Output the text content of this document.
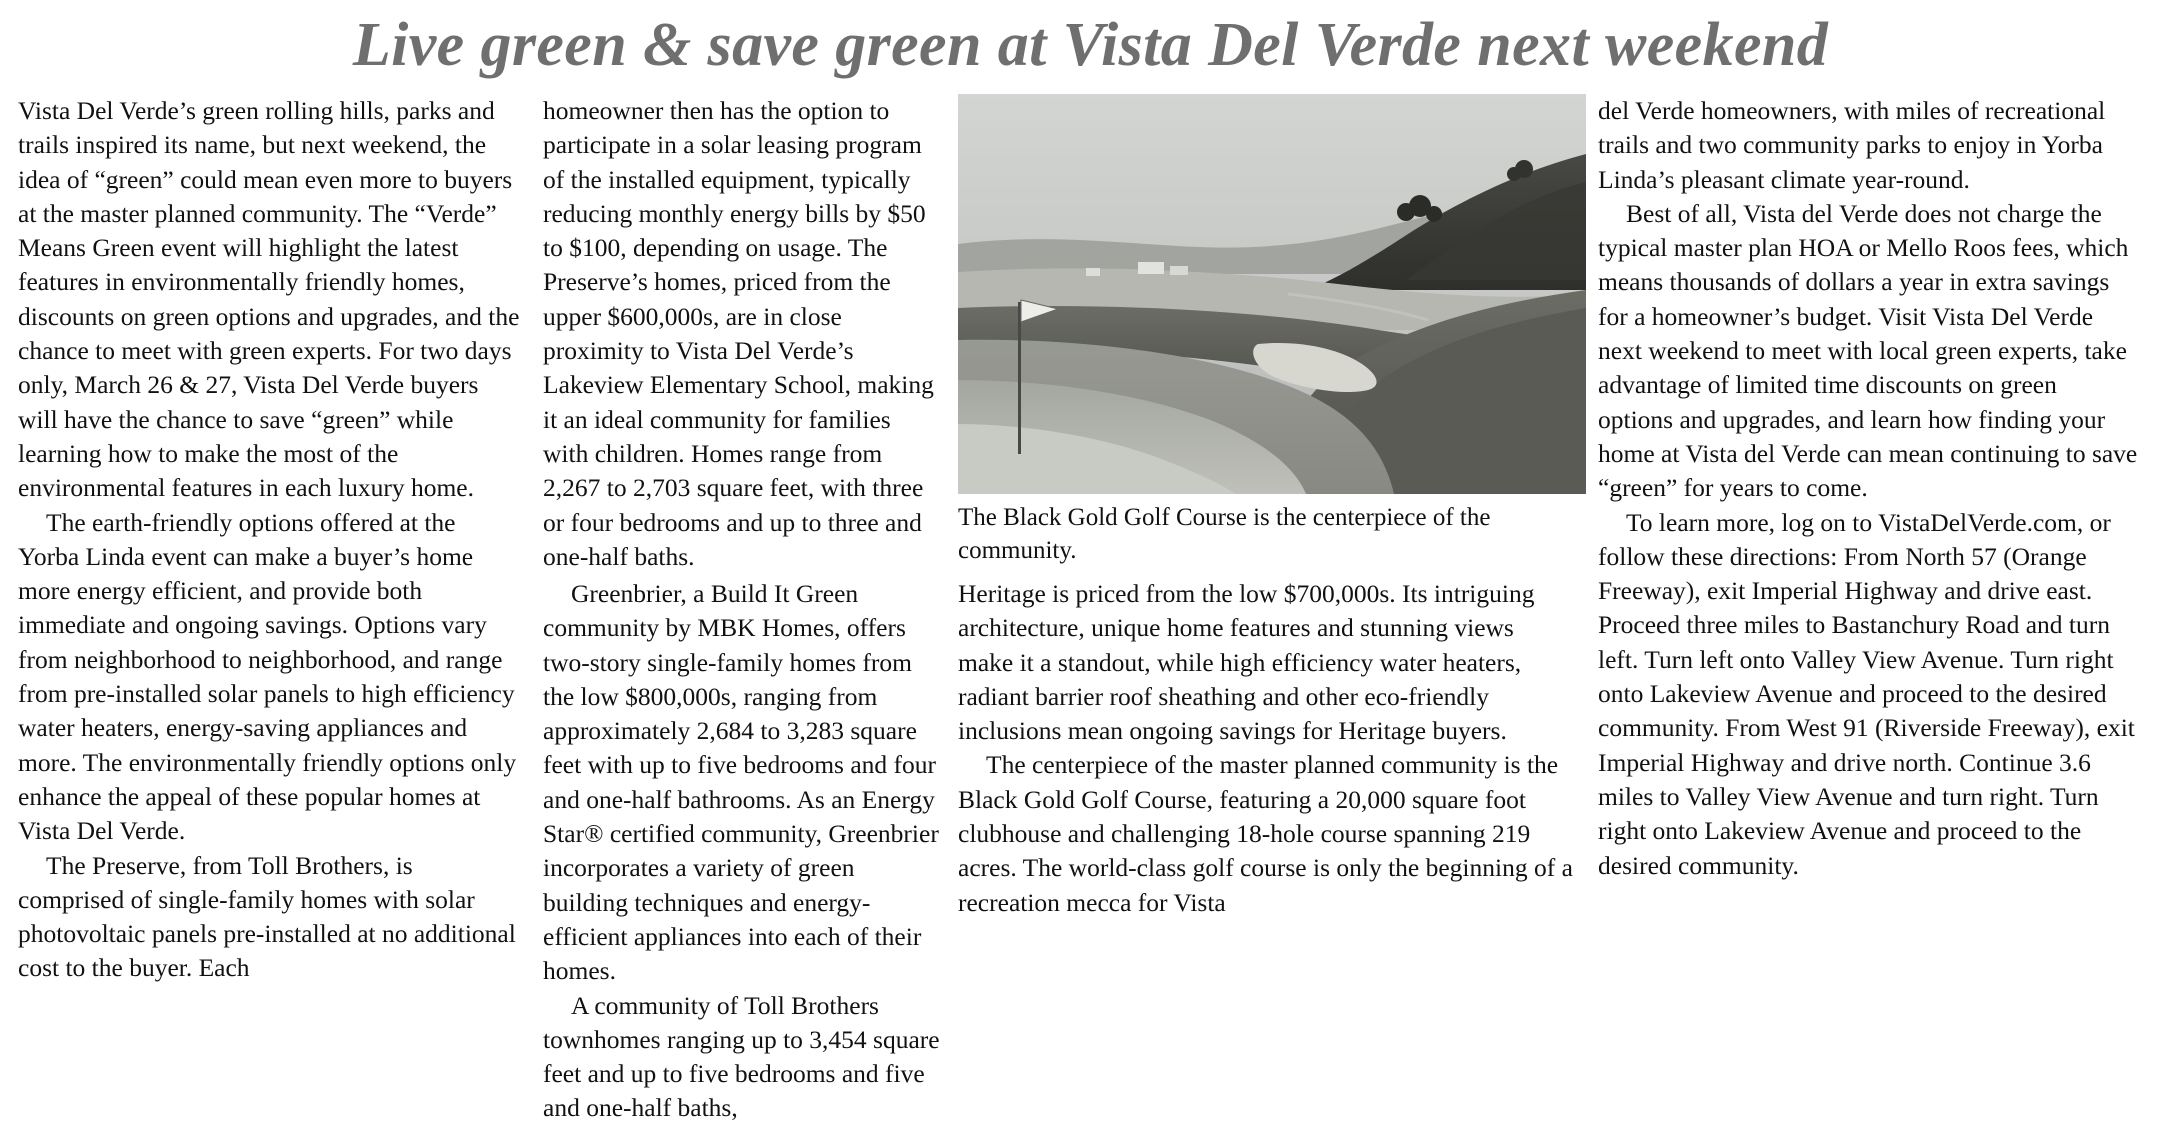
Live green & save green at Vista Del Verde next weekend

Vista Del Verde’s green rolling hills, parks and trails inspired its name, but next weekend, the idea of “green” could mean even more to buyers at the master planned community. The “Verde” Means Green event will highlight the latest features in environmentally friendly homes, discounts on green options and upgrades, and the chance to meet with green experts. For two days only, March 26 & 27, Vista Del Verde buyers will have the chance to save “green” while learning how to make the most of the environmental features in each luxury home.

The earth-friendly options offered at the Yorba Linda event can make a buyer’s home more energy efficient, and provide both immediate and ongoing savings. Options vary from neighborhood to neighborhood, and range from pre-installed solar panels to high efficiency water heaters, energy-saving appliances and more. The environmentally friendly options only enhance the appeal of these popular homes at Vista Del Verde.

The Preserve, from Toll Brothers, is comprised of single-family homes with solar photovoltaic panels pre-installed at no additional cost to the buyer. Each

homeowner then has the option to participate in a solar leasing program of the installed equipment, typically reducing monthly energy bills by $50 to $100, depending on usage. The Preserve’s homes, priced from the upper $600,000s, are in close proximity to Vista Del Verde’s Lakeview Elementary School, making it an ideal community for families with children. Homes range from 2,267 to 2,703 square feet, with three or four bedrooms and up to three and one-half baths.

The Black Gold Golf Course is the centerpiece of the community.

Greenbrier, a Build It Green community by MBK Homes, offers two-story single-family homes from the low $800,000s, ranging from approximately 2,684 to 3,283 square feet with up to five bedrooms and four and one-half bathrooms. As an Energy Star® certified community, Greenbrier incorporates a variety of green building techniques and energy-efficient appliances into each of their homes.

A community of Toll Brothers townhomes ranging up to 3,454 square feet and up to five bedrooms and five and one-half baths,

Heritage is priced from the low $700,000s. Its intriguing architecture, unique home features and stunning views make it a standout, while high efficiency water heaters, radiant barrier roof sheathing and other eco-friendly inclusions mean ongoing savings for Heritage buyers.

The centerpiece of the master planned community is the Black Gold Golf Course, featuring a 20,000 square foot clubhouse and challenging 18-hole course spanning 219 acres. The world-class golf course is only the beginning of a recreation mecca for Vista

del Verde homeowners, with miles of recreational trails and two community parks to enjoy in Yorba Linda’s pleasant climate year-round.

Best of all, Vista del Verde does not charge the typical master plan HOA or Mello Roos fees, which means thousands of dollars a year in extra savings for a homeowner’s budget. Visit Vista Del Verde next weekend to meet with local green experts, take advantage of limited time discounts on green options and upgrades, and learn how finding your home at Vista del Verde can mean continuing to save “green” for years to come.

To learn more, log on to VistaDelVerde.com, or follow these directions: From North 57 (Orange Freeway), exit Imperial Highway and drive east. Proceed three miles to Bastanchury Road and turn left. Turn left onto Valley View Avenue. Turn right onto Lakeview Avenue and proceed to the desired community. From West 91 (Riverside Freeway), exit Imperial Highway and drive north. Continue 3.6 miles to Valley View Avenue and turn right. Turn right onto Lakeview Avenue and proceed to the desired community.
